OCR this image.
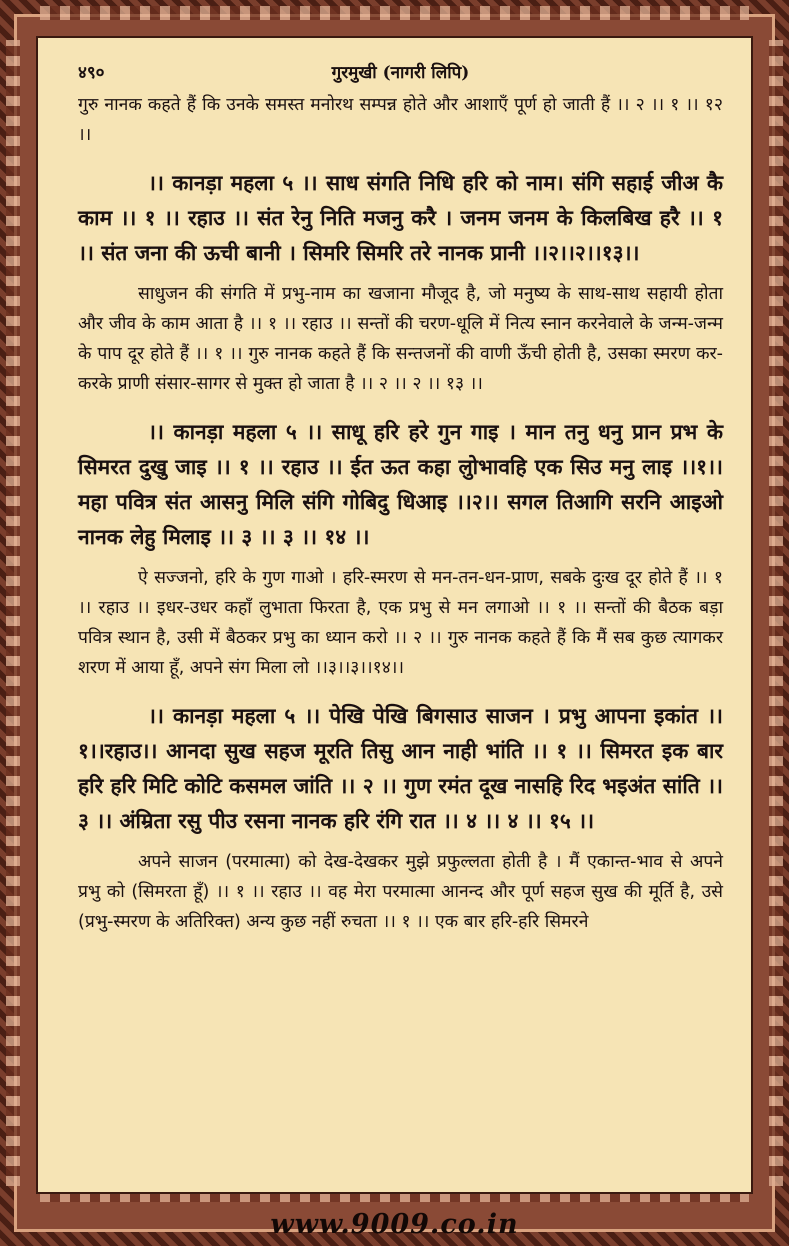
४९०	गुरमुखी (नागरी लिपि)

गुरु नानक कहते हैं कि उनके समस्त मनोरथ सम्पन्न होते और आशाएँ पूर्ण हो जाती हैं ।। २ ।। १ ।। १२ ।।

।। कानड़ा महला ५ ।। साध संगति निधि हरि को नाम। संगि सहाई जीअ कै काम ।। १ ।। रहाउ ।। संत रेनु निति मजनु करै । जनम जनम के किलबिख हरै ।। १ ।। संत जना की ऊची बानी । सिमरि सिमरि तरे नानक प्रानी ।।२।।२।।१३।।

साधुजन की संगति में प्रभु-नाम का खजाना मौजूद है, जो मनुष्य के साथ-साथ सहायी होता और जीव के काम आता है ।। १ ।। रहाउ ।। सन्तों की चरण-धूलि में नित्य स्नान करनेवाले के जन्म-जन्म के पाप दूर होते हैं ।। १ ।। गुरु नानक कहते हैं कि सन्तजनों की वाणी ऊँची होती है, उसका स्मरण कर-करके प्राणी संसार-सागर से मुक्त हो जाता है ।। २ ।। २ ।। १३ ।।

।। कानड़ा महला ५ ।। साधू हरि हरे गुन गाइ । मान तनु धनु प्रान प्रभ के सिमरत दुखु जाइ ।। १ ।। रहाउ ।। ईत ऊत कहा लुोभावहि एक सिउ मनु लाइ ।।१।। महा पवित्र संत आसनु मिलि संगि गोबिदु धिआइ ।।२।। सगल तिआगि सरनि आइओ नानक लेहु मिलाइ ।। ३ ।। ३ ।। १४ ।।

ऐ सज्जनो, हरि के गुण गाओ । हरि-स्मरण से मन-तन-धन-प्राण, सबके दुःख दूर होते हैं ।। १ ।। रहाउ ।। इधर-उधर कहाँ लुभाता फिरता है, एक प्रभु से मन लगाओ ।। १ ।। सन्तों की बैठक बड़ा पवित्र स्थान है, उसी में बैठकर प्रभु का ध्यान करो ।। २ ।। गुरु नानक कहते हैं कि मैं सब कुछ त्यागकर शरण में आया हूँ, अपने संग मिला लो ।।३।।३।।१४।।

।। कानड़ा महला ५ ।। पेखि पेखि बिगसाउ साजन । प्रभु आपना इकांत ।।१।।रहाउ।। आनदा सुख सहज मूरति तिसु आन नाही भांति ।। १ ।। सिमरत इक बार हरि हरि मिटि कोटि कसमल जांति ।। २ ।। गुण रमंत दूख नासहि रिद भइअंत सांति ।। ३ ।। अंम्रिता रसु पीउ रसना नानक हरि रंगि रात ।। ४ ।। ४ ।। १५ ।।

अपने साजन (परमात्मा) को देख-देखकर मुझे प्रफुल्लता होती है । मैं एकान्त-भाव से अपने प्रभु को (सिमरता हूँ) ।। १ ।। रहाउ ।। वह मेरा परमात्मा आनन्द और पूर्ण सहज सुख की मूर्ति है, उसे (प्रभु-स्मरण के अतिरिक्त) अन्य कुछ नहीं रुचता ।। १ ।। एक बार हरि-हरि सिमरने

www.9009.co.in
